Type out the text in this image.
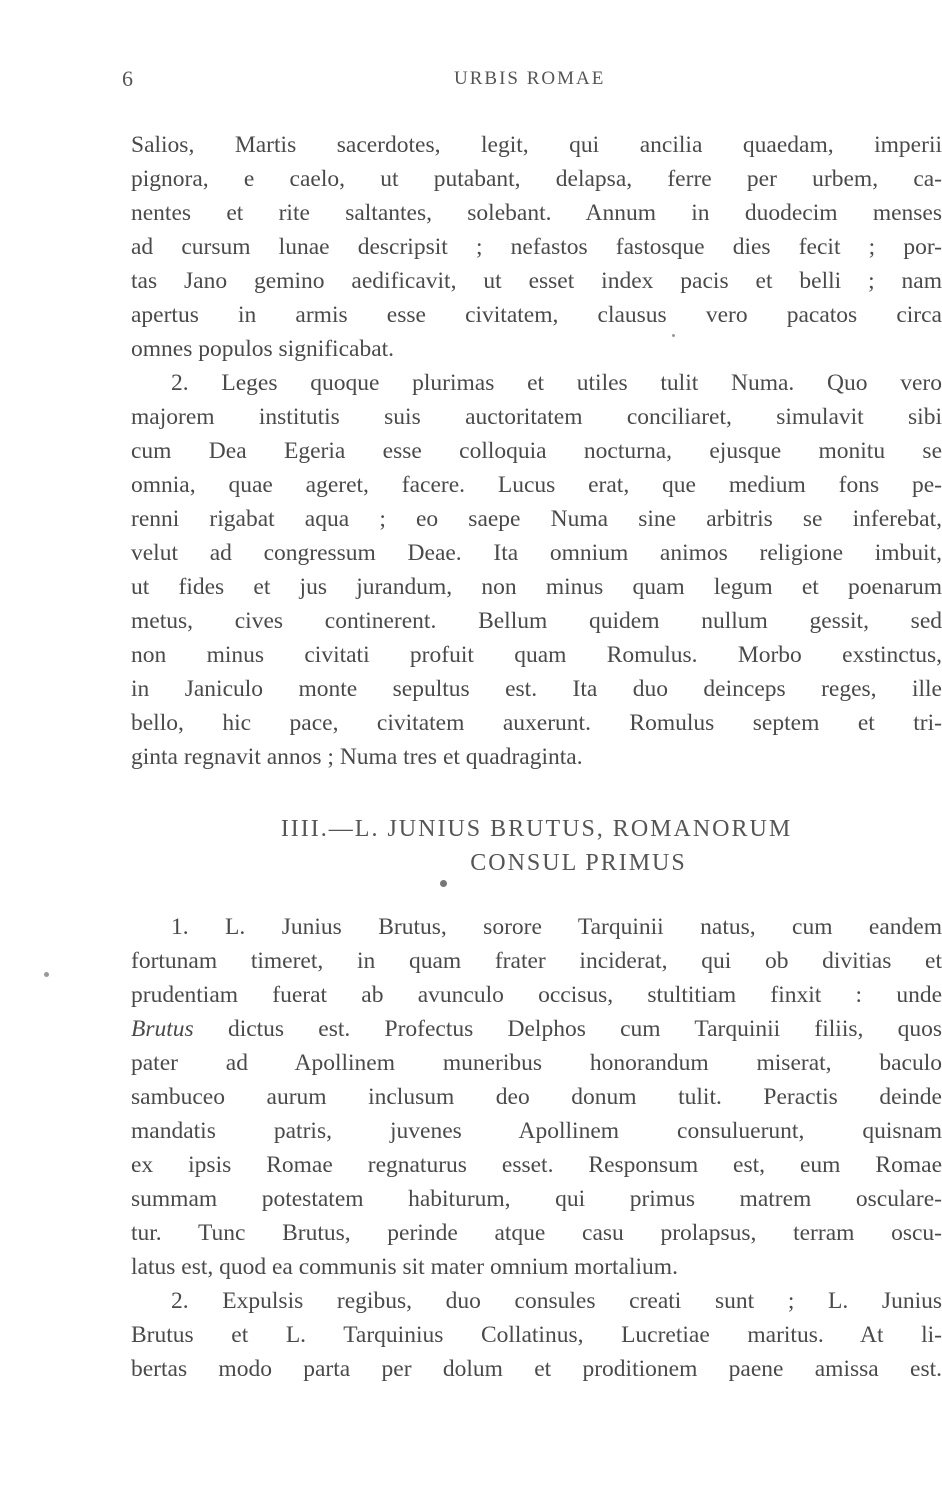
6	URBIS ROMAE
Salios, Martis sacerdotes, legit, qui ancilia quaedam, imperii
pignora, e caelo, ut putabant, delapsa, ferre per urbem, ca-
nentes et rite saltantes, solebant. Annum in duodecim menses
ad cursum lunae descripsit ; nefastos fastosque dies fecit ; por-
tas Jano gemino aedificavit, ut esset index pacis et belli ; nam
apertus in armis esse civitatem, clausus vero pacatos circa
omnes populos significabat.
2. Leges quoque plurimas et utiles tulit Numa. Quo vero
majorem institutis suis auctoritatem conciliaret, simulavit sibi
cum Dea Egeria esse colloquia nocturna, ejusque monitu se
omnia, quae ageret, facere. Lucus erat, que medium fons pe-
renni rigabat aqua ; eo saepe Numa sine arbitris se inferebat,
velut ad congressum Deae. Ita omnium animos religione imbuit,
ut fides et jus jurandum, non minus quam legum et poenarum
metus, cives continerent. Bellum quidem nullum gessit, sed
non minus civitati profuit quam Romulus. Morbo exstinctus,
in Janiculo monte sepultus est. Ita duo deinceps reges, ille
bello, hic pace, civitatem auxerunt. Romulus septem et tri-
ginta regnavit annos ; Numa tres et quadraginta.
IIII.—L. JUNIUS BRUTUS, ROMANORUM
CONSUL PRIMUS
1. L. Junius Brutus, sorore Tarquinii natus, cum eandem
fortunam timeret, in quam frater inciderat, qui ob divitias et
prudentiam fuerat ab avunculo occisus, stultitiam finxit : unde
Brutus dictus est. Profectus Delphos cum Tarquinii filiis, quos
pater ad Apollinem muneribus honorandum miserat, baculo
sambuceo aurum inclusum deo donum tulit. Peractis deinde
mandatis patris, juvenes Apollinem consuluerunt, quisnam
ex ipsis Romae regnaturus esset. Responsum est, eum Romae
summam potestatem habiturum, qui primus matrem osculare-
tur. Tunc Brutus, perinde atque casu prolapsus, terram oscu-
latus est, quod ea communis sit mater omnium mortalium.
2. Expulsis regibus, duo consules creati sunt ; L. Junius
Brutus et L. Tarquinius Collatinus, Lucretiae maritus. At li-
bertas modo parta per dolum et proditionem paene amissa est.
